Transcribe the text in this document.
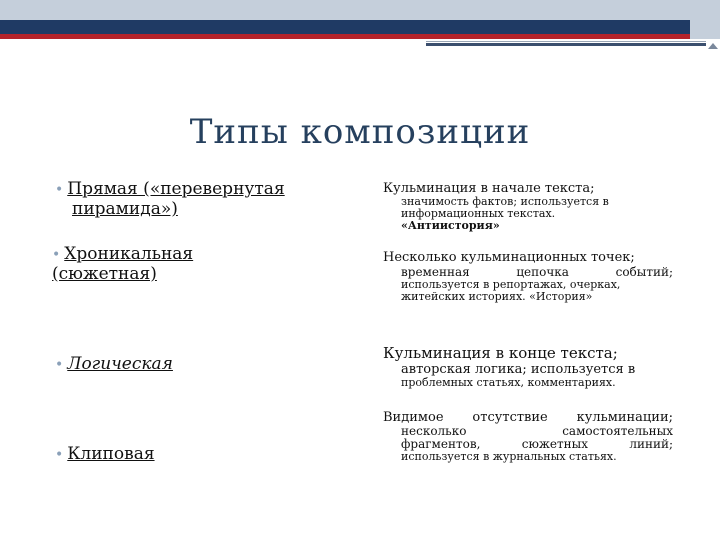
Типы композиции
• Прямая («перевернутая
пирамида»)
• Хроникальная
(сюжетная)
• Логическая
• Клиповая
Кульминация в начале текста;
значимость фактов; используется в
информационных текстах.
«Антиистория»
Несколько кульминационных точек;
временная цепочка событий;
используется в репортажах, очерках,
житейских историях. «История»
Кульминация в конце текста;
авторская логика; используется в
проблемных статьях, комментариях.
Видимое отсутствие кульминации;
несколько самостоятельных
фрагментов, сюжетных линий;
используется в журнальных статьях.
